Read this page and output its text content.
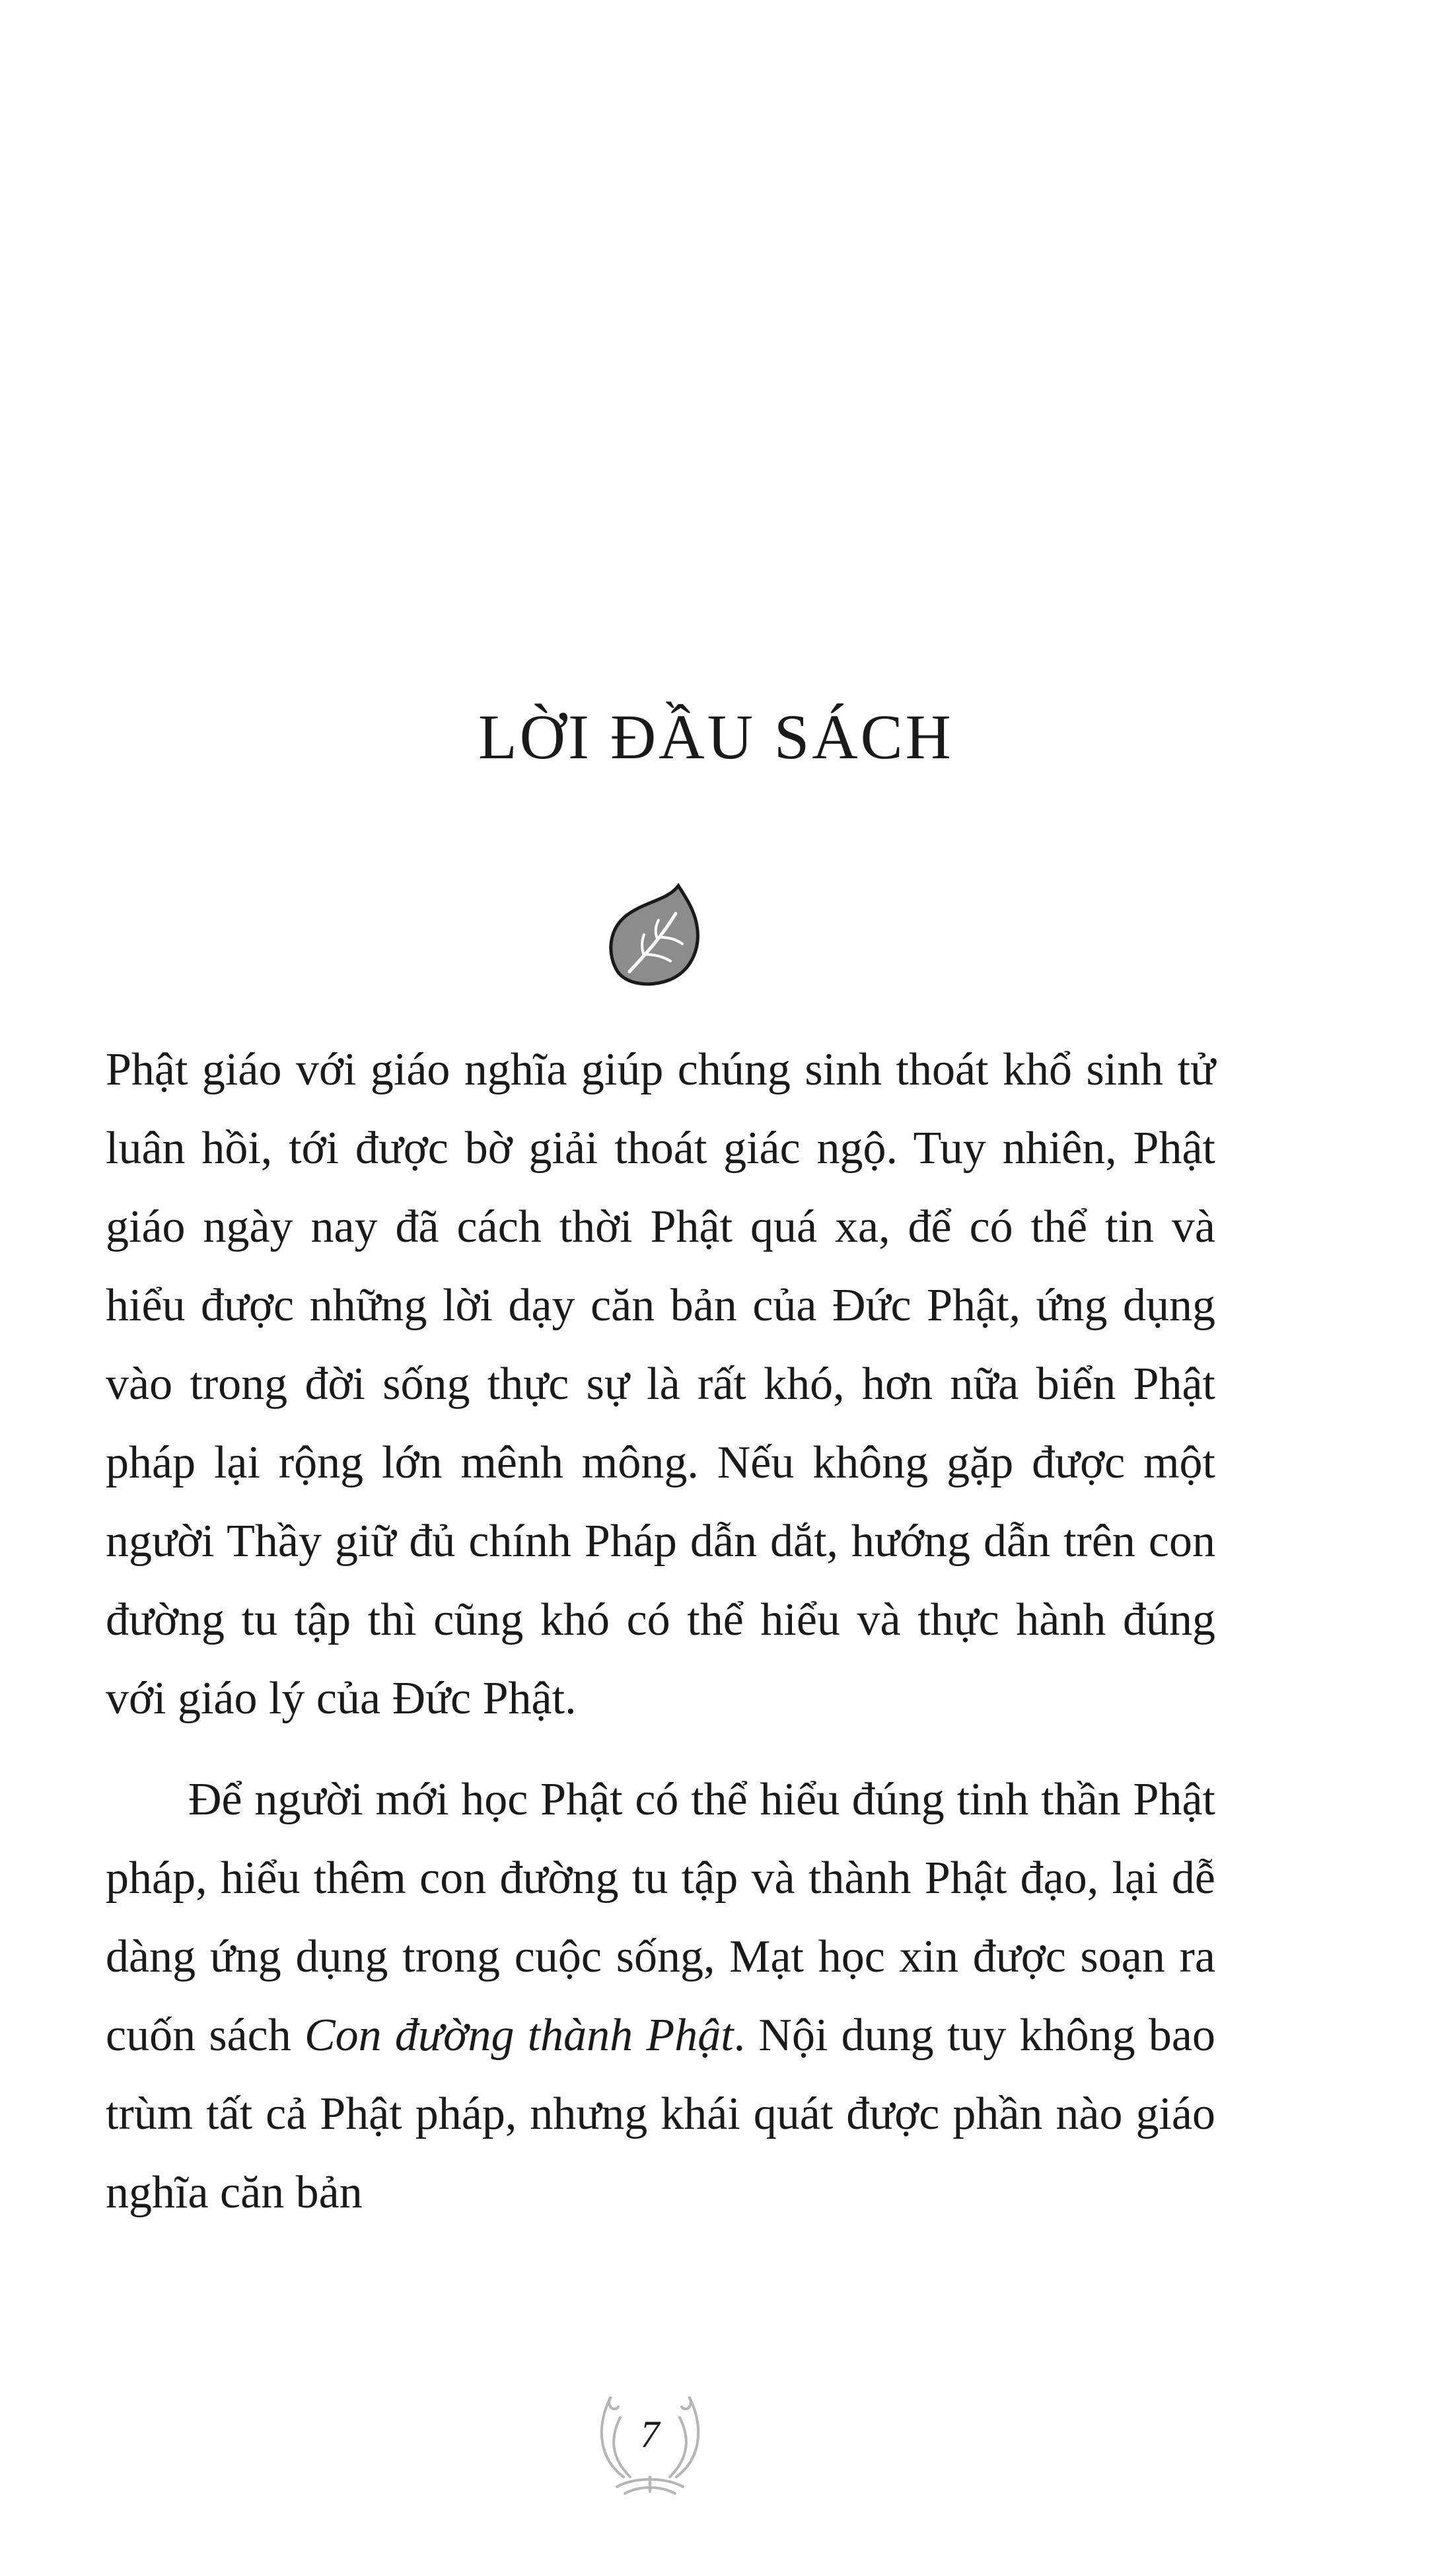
LỜI ĐẦU SÁCH

Phật giáo với giáo nghĩa giúp chúng sinh thoát khổ sinh tử luân hồi, tới được bờ giải thoát giác ngộ. Tuy nhiên, Phật giáo ngày nay đã cách thời Phật quá xa, để có thể tin và hiểu được những lời dạy căn bản của Đức Phật, ứng dụng vào trong đời sống thực sự là rất khó, hơn nữa biển Phật pháp lại rộng lớn mênh mông. Nếu không gặp được một người Thầy giữ đủ chính Pháp dẫn dắt, hướng dẫn trên con đường tu tập thì cũng khó có thể hiểu và thực hành đúng với giáo lý của Đức Phật.

Để người mới học Phật có thể hiểu đúng tinh thần Phật pháp, hiểu thêm con đường tu tập và thành Phật đạo, lại dễ dàng ứng dụng trong cuộc sống, Mạt học xin được soạn ra cuốn sách Con đường thành Phật. Nội dung tuy không bao trùm tất cả Phật pháp, nhưng khái quát được phần nào giáo nghĩa căn bản

7
